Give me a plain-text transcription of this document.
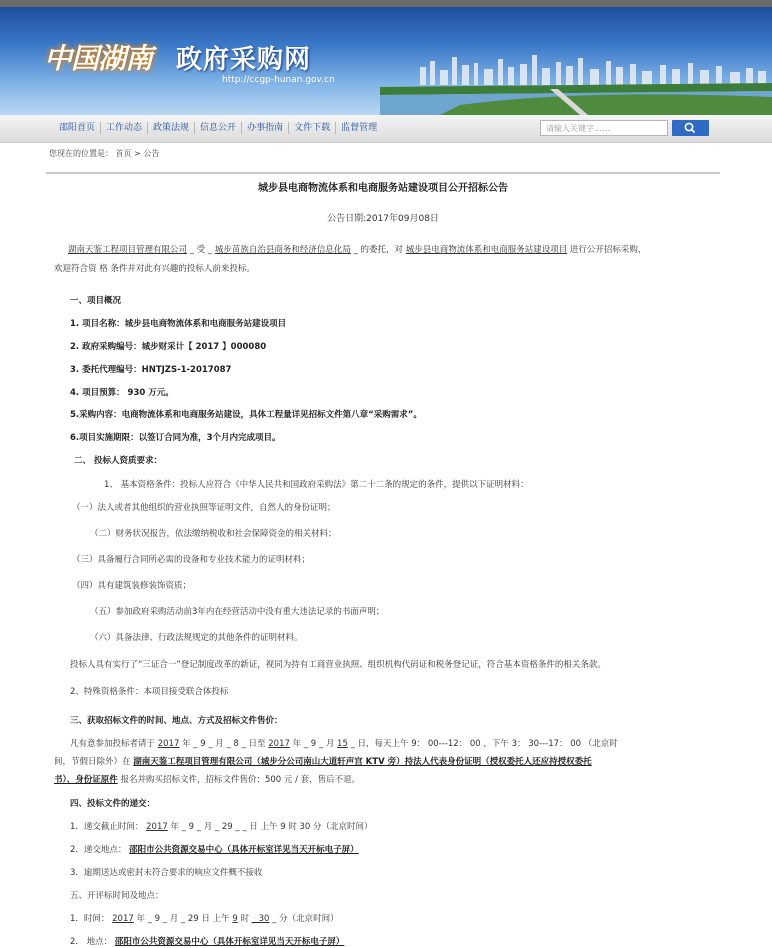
中国湖南 政府采购网
http://ccgp-hunan.gov.cn
邵阳首页	工作动态	政策法规	信息公开	办事指南	文件下载	监督管理	请输入关键字……
您现在的位置是： 首页 > 公告
城步县电商物流体系和电商服务站建设项目公开招标公告
公告日期:2017年09月08日
湖南天鉴工程项目管理有限公司 _ 受 _ 城步苗族自治县商务和经济信息化局 _ 的委托，对 城步县电商物流体系和电商服务站建设项目 进行公开招标采购，
欢迎符合资 格 条件并对此有兴趣的投标人前来投标。
一、项目概况
1. 项目名称：城步县电商物流体系和电商服务站建设项目
2. 政府采购编号：城步财采计【 2017 】000080
3. 委托代理编号：HNTJZS-1-2017087
4. 项目预算： 930 万元。
5.采购内容：电商物流体系和电商服务站建设，具体工程量详见招标文件第八章“采购需求”。
6.项目实施期限：以签订合同为准，3个月内完成项目。
二、 投标人资质要求：
1、 基本资格条件：投标人应符合《中华人民共和国政府采购法》第二十二条的规定的条件，提供以下证明材料：
（一）法人或者其他组织的营业执照等证明文件，自然人的身份证明；
（二）财务状况报告，依法缴纳税收和社会保障资金的相关材料；
（三）具备履行合同所必需的设备和专业技术能力的证明材料；
（四）具有建筑装修装饰资质；
（五）参加政府采购活动前3年内在经营活动中没有重大违法记录的书面声明；
（六）具备法律、行政法规规定的其他条件的证明材料。
投标人具有实行了“三证合一”登记制度改革的新证，视同为持有工商营业执照、组织机构代码证和税务登记证，符合基本资格条件的相关条款。
2、特殊资格条件：本项目接受联合体投标
三、获取招标文件的时间、地点、方式及招标文件售价：
凡有意参加投标者请于 2017 年 _ 9 _ 月 _ 8 _ 日至 2017 年 _ 9 _ 月 15 _ 日，每天上午 9： 00---12： 00 ，下午 3： 30---17： 00 （北京时
间，节假日除外）在 湖南天鉴工程项目管理有限公司（城步分公司南山大道轩声宫 KTV 旁）持法人代表身份证明（授权委托人还应持授权委托
书）、身份证原件 报名并购买招标文件，招标文件售价：500 元 / 套，售后不退。
四、投标文件的递交：
1．递交截止时间： 2017 年 _ 9 _ 月 _ 29 _ _ 日 上午 9 时 30 分（北京时间）
2．递交地点： 邵阳市公共资源交易中心（具体开标室详见当天开标电子屏）
3．逾期送达或密封未符合要求的响应文件概不接收
五、开评标时间及地点：
1．时间： 2017 年 _ 9 _ 月 _ 29 日 上午 9 时 _ 30 _ 分（北京时间）
2． 地点： 邵阳市公共资源交易中心（具体开标室详见当天开标电子屏）
